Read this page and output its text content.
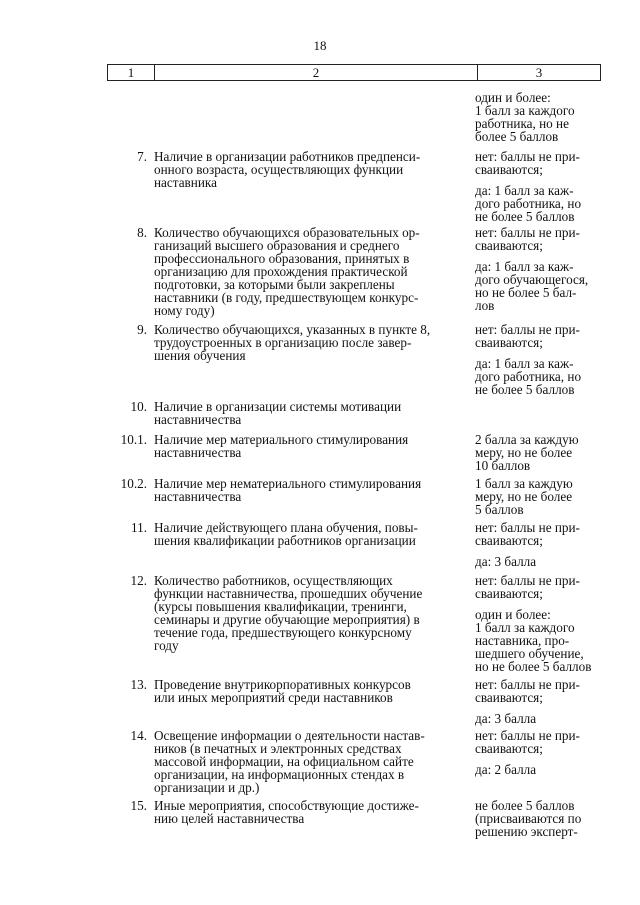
18
1	2	3
один и более:
1 балл за каждого
работника, но не
более 5 баллов
7. Наличие в организации работников предпенси-
онного возраста, осуществляющих функции
наставника
нет: баллы не при-
сваиваются;
да: 1 балл за каж-
дого работника, но
не более 5 баллов
8. Количество обучающихся образовательных ор-
ганизаций высшего образования и среднего
профессионального образования, принятых в
организацию для прохождения практической
подготовки, за которыми были закреплены
наставники (в году, предшествующем конкурс-
ному году)
нет: баллы не при-
сваиваются;
да: 1 балл за каж-
дого обучающегося,
но не более 5 бал-
лов
9. Количество обучающихся, указанных в пункте 8,
трудоустроенных в организацию после завер-
шения обучения
нет: баллы не при-
сваиваются;
да: 1 балл за каж-
дого работника, но
не более 5 баллов
10. Наличие в организации системы мотивации
наставничества
10.1. Наличие мер материального стимулирования
наставничества
2 балла за каждую
меру, но не более
10 баллов
10.2. Наличие мер нематериального стимулирования
наставничества
1 балл за каждую
меру, но не более
5 баллов
11. Наличие действующего плана обучения, повы-
шения квалификации работников организации
нет: баллы не при-
сваиваются;
да: 3 балла
12. Количество работников, осуществляющих
функции наставничества, прошедших обучение
(курсы повышения квалификации, тренинги,
семинары и другие обучающие мероприятия) в
течение года, предшествующего конкурсному
году
нет: баллы не при-
сваиваются;
один и более:
1 балл за каждого
наставника, про-
шедшего обучение,
но не более 5 баллов
13. Проведение внутрикорпоративных конкурсов
или иных мероприятий среди наставников
нет: баллы не при-
сваиваются;
да: 3 балла
14. Освещение информации о деятельности настав-
ников (в печатных и электронных средствах
массовой информации, на официальном сайте
организации, на информационных стендах в
организации и др.)
нет: баллы не при-
сваиваются;
да: 2 балла
15. Иные мероприятия, способствующие достиже-
нию целей наставничества
не более 5 баллов
(присваиваются по
решению эксперт-
